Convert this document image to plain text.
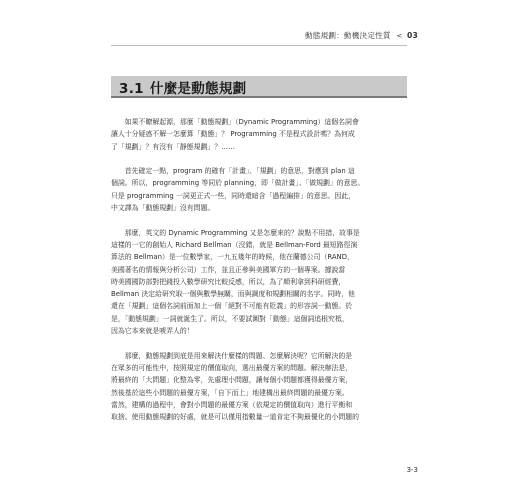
動態規劃：動機決定性質 < 03
3.1 什麼是動態規劃
　　如果不瞭解起源，那麼「動態規劃」（Dynamic Programming）這個名詞會
讓人十分疑惑不解一怎麼算「動態」？ Programming 不是程式設計嗎？為何成
了「規劃」？有沒有「靜態規劃」？……
　　首先確定一點，program 的確有「計畫」、「規劃」的意思，對應到 plan 這
個詞。所以，programming 等同於 planning，即「做計畫」、「做規劃」的意思。
只是 programming 一詞更正式一些，同時還暗含「過程編排」的意思。因此，
中文譯為「動態規劃」沒有問題。
　　那麼，英文的 Dynamic Programming 又是怎麼來的？說點不用措，故事是
這樣的一它的創始人 Richard Bellman（沒錯，就是 Bellman-Ford 最短路徑演
算法的 Bellman）是一位數學家，一九五幾年的時候，他在蘭德公司（RAND，
美國著名的情報與分析公司）工作，並且正參與美國軍方的一個專案。據說當
時美國國防部對把錢投入數學研究比較反感，所以，為了順利拿到科研經費，
Bellman 決定給研究取一個與數學無關，而與調度和規劃相關的名字。同時，他
還在「規劃」這個名詞前面加上一個「絕對不可能有貶義」的形容詞一動態。於
是，「動態規劃」一詞就誕生了。所以，不要試圖對「動態」這個詞追根究柢，
因為它本來就是唬弄人的！
　　那麼，動態規劃到底是用來解決什麼樣的問題、怎麼解決呢？它所解決的是
在眾多的可能性中，按照規定的價值取向，選出最優方案的問題。解決辦法是，
將最終的「大問題」化整為零，先處理小問題，讓每個小問題都獲得最優方案，
然後基於這些小問題的最優方案，「自下而上」地建構出最終問題的最優方案。
當然，建構的過程中，會對小問題的最優方案（依規定的價值取向）進行平衡和
取捨。使用動態規劃的好處，就是可以僅用指數量一道肯定不夠最優化的小問題的
3-3
